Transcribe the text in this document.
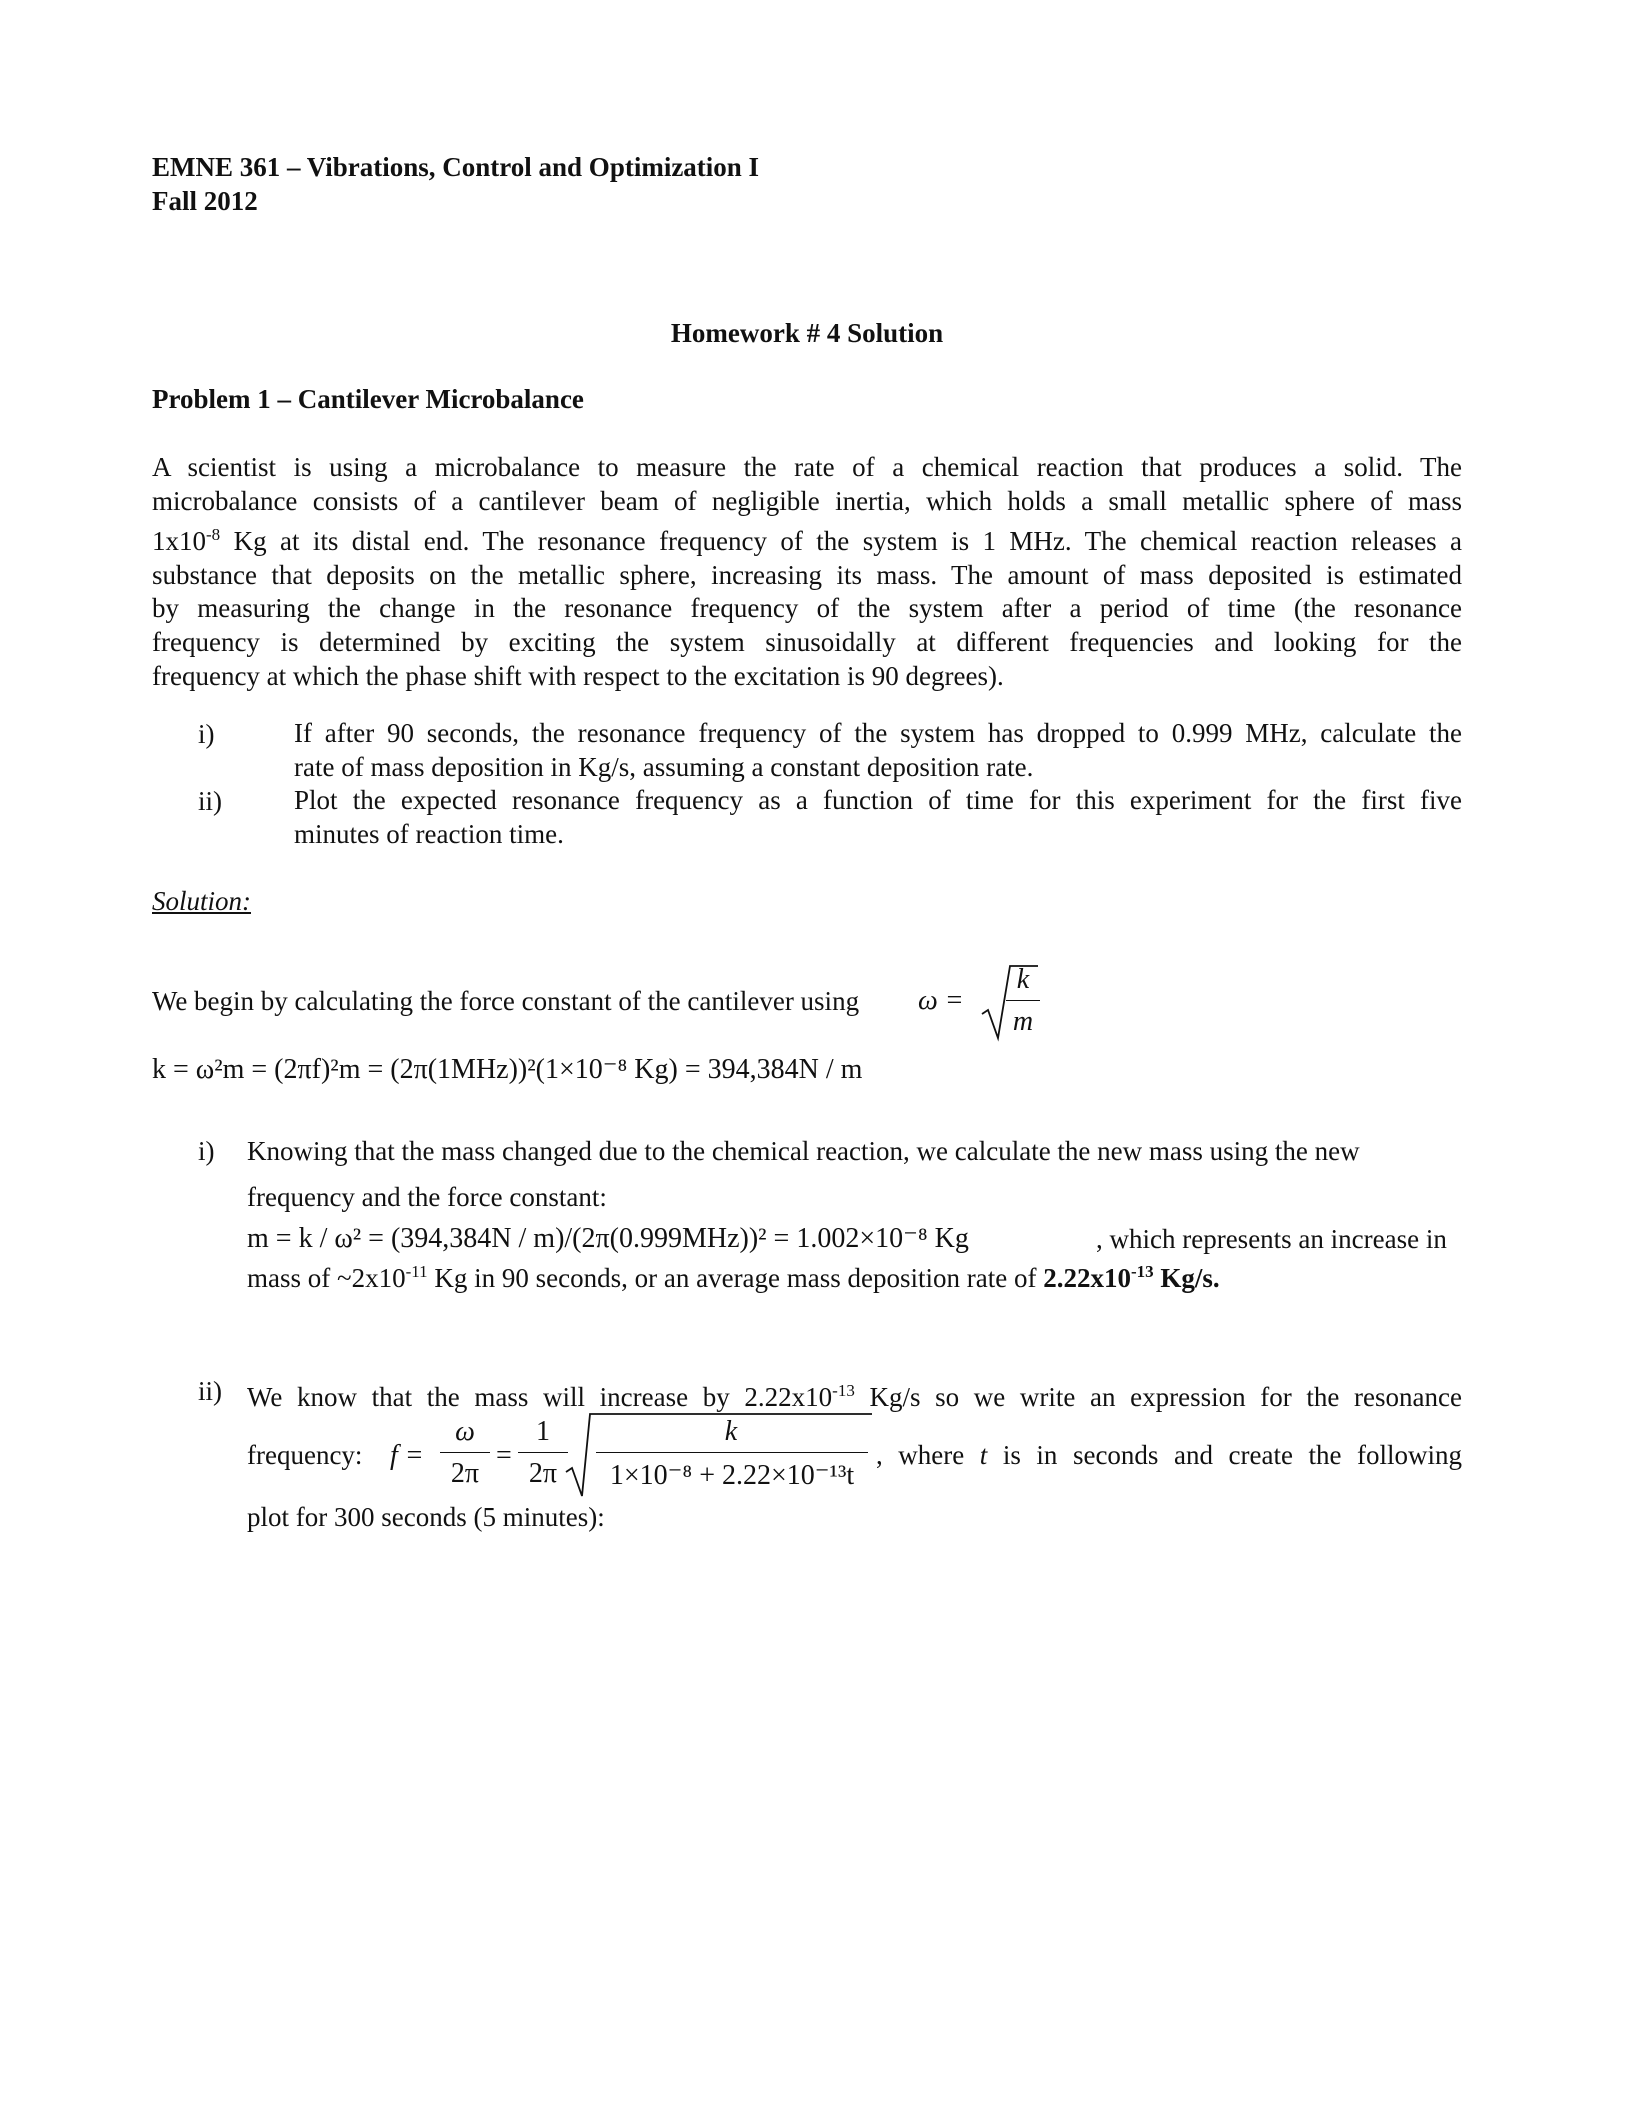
EMNE 361 – Vibrations, Control and Optimization I
Fall 2012
Homework # 4 Solution
Problem 1 – Cantilever Microbalance
A scientist is using a microbalance to measure the rate of a chemical reaction that produces a solid. The
microbalance consists of a cantilever beam of negligible inertia, which holds a small metallic sphere of mass
$1x10^{-8}$ Kg at its distal end. The resonance frequency of the system is 1 MHz. The chemical reaction releases a
substance that deposits on the metallic sphere, increasing its mass. The amount of mass deposited is estimated
by measuring the change in the resonance frequency of the system after a period of time (the resonance
frequency is determined by exciting the system sinusoidally at different frequencies and looking for the
frequency at which the phase shift with respect to the excitation is 90 degrees).
i)	If after 90 seconds, the resonance frequency of the system has dropped to 0.999 MHz, calculate the
rate of mass deposition in Kg/s, assuming a constant deposition rate.
ii)	Plot the expected resonance frequency as a function of time for this experiment for the first five
minutes of reaction time.
Solution:
We begin by calculating the force constant of the cantilever using ω =
k
m
k = ω²m = (2πf)²m = (2π(1MHz))²(1×10⁻⁸ Kg) = 394,384N / m
i) Knowing that the mass changed due to the chemical reaction, we calculate the new mass using the new
frequency and the force constant:
m = k / ω² = (394,384N / m)/(2π(0.999MHz))² = 1.002×10⁻⁸ Kg	, which represents an increase in
mass of $\sim 2x10^{-11}$ Kg in 90 seconds, or an average mass deposition rate of $2.22x10^{-13}$ Kg/s.
ii) We know that the mass will increase by $2.22x10^{-13}$ Kg/s so we write an expression for the resonance
frequency: f =
ω
2π
=
1
2π
k
1×10⁻⁸ + 2.22×10⁻¹³t
, where t is in seconds and create the following
plot for 300 seconds (5 minutes):
